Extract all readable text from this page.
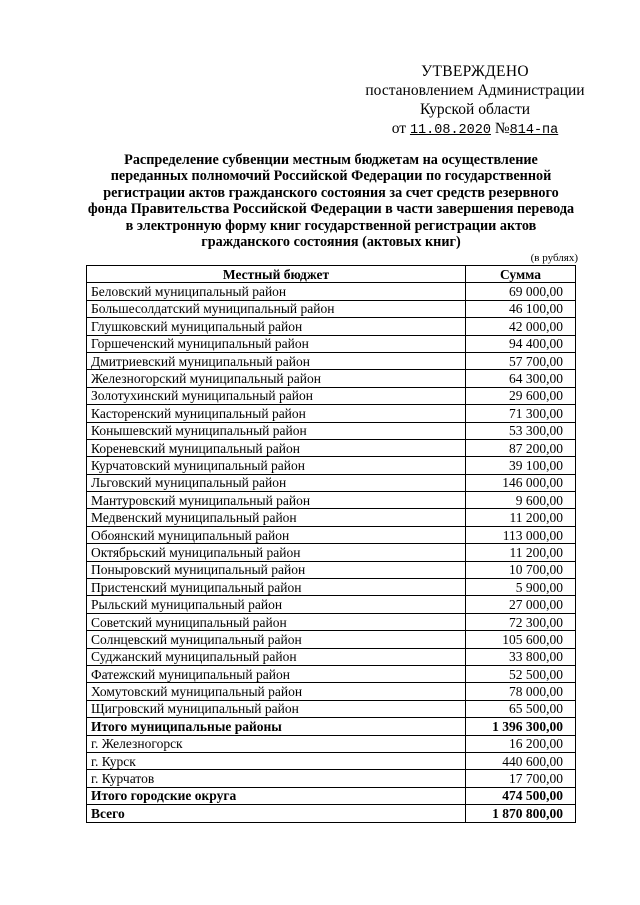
УТВЕРЖДЕНО
постановлением Администрации
Курской области
от 11.08.2020 №814-па
Распределение субвенции местным бюджетам на осуществление переданных полномочий Российской Федерации по государственной регистрации актов гражданского состояния за счет средств резервного фонда Правительства Российской Федерации в части завершения перевода в электронную форму книг государственной регистрации актов гражданского состояния (актовых книг)
(в рублях)
Местный бюджет	Сумма
Беловский муниципальный район	69 000,00
Большесолдатский муниципальный район	46 100,00
Глушковский муниципальный район	42 000,00
Горшеченский муниципальный район	94 400,00
Дмитриевский муниципальный район	57 700,00
Железногорский муниципальный район	64 300,00
Золотухинский муниципальный район	29 600,00
Касторенский муниципальный район	71 300,00
Конышевский муниципальный район	53 300,00
Кореневский муниципальный район	87 200,00
Курчатовский муниципальный район	39 100,00
Льговский муниципальный район	146 000,00
Мантуровский муниципальный район	9 600,00
Медвенский муниципальный район	11 200,00
Обоянский муниципальный район	113 000,00
Октябрьский муниципальный район	11 200,00
Поныровский муниципальный район	10 700,00
Пристенский муниципальный район	5 900,00
Рыльский муниципальный район	27 000,00
Советский муниципальный район	72 300,00
Солнцевский муниципальный район	105 600,00
Суджанский муниципальный район	33 800,00
Фатежский муниципальный район	52 500,00
Хомутовский муниципальный район	78 000,00
Щигровский муниципальный район	65 500,00
Итого муниципальные районы	1 396 300,00
г. Железногорск	16 200,00
г. Курск	440 600,00
г. Курчатов	17 700,00
Итого городские округа	474 500,00
Всего	1 870 800,00
